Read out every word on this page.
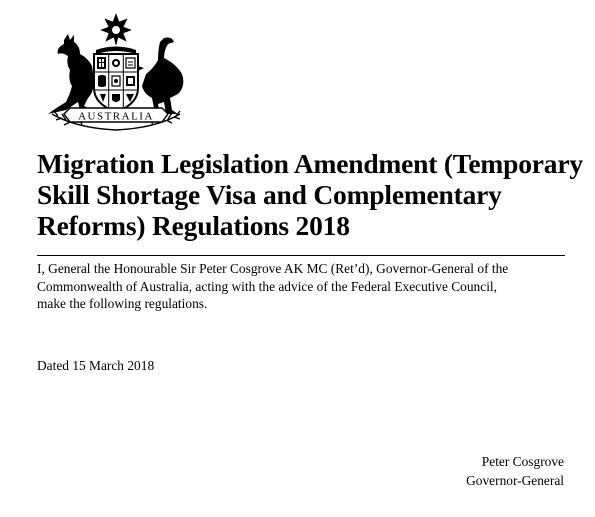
AUSTRALIA
Migration Legislation Amendment (Temporary
Skill Shortage Visa and Complementary
Reforms) Regulations 2018

I, General the Honourable Sir Peter Cosgrove AK MC (Ret’d), Governor-General of the
Commonwealth of Australia, acting with the advice of the Federal Executive Council,
make the following regulations.

Dated 15 March 2018
Peter Cosgrove
Governor-General
